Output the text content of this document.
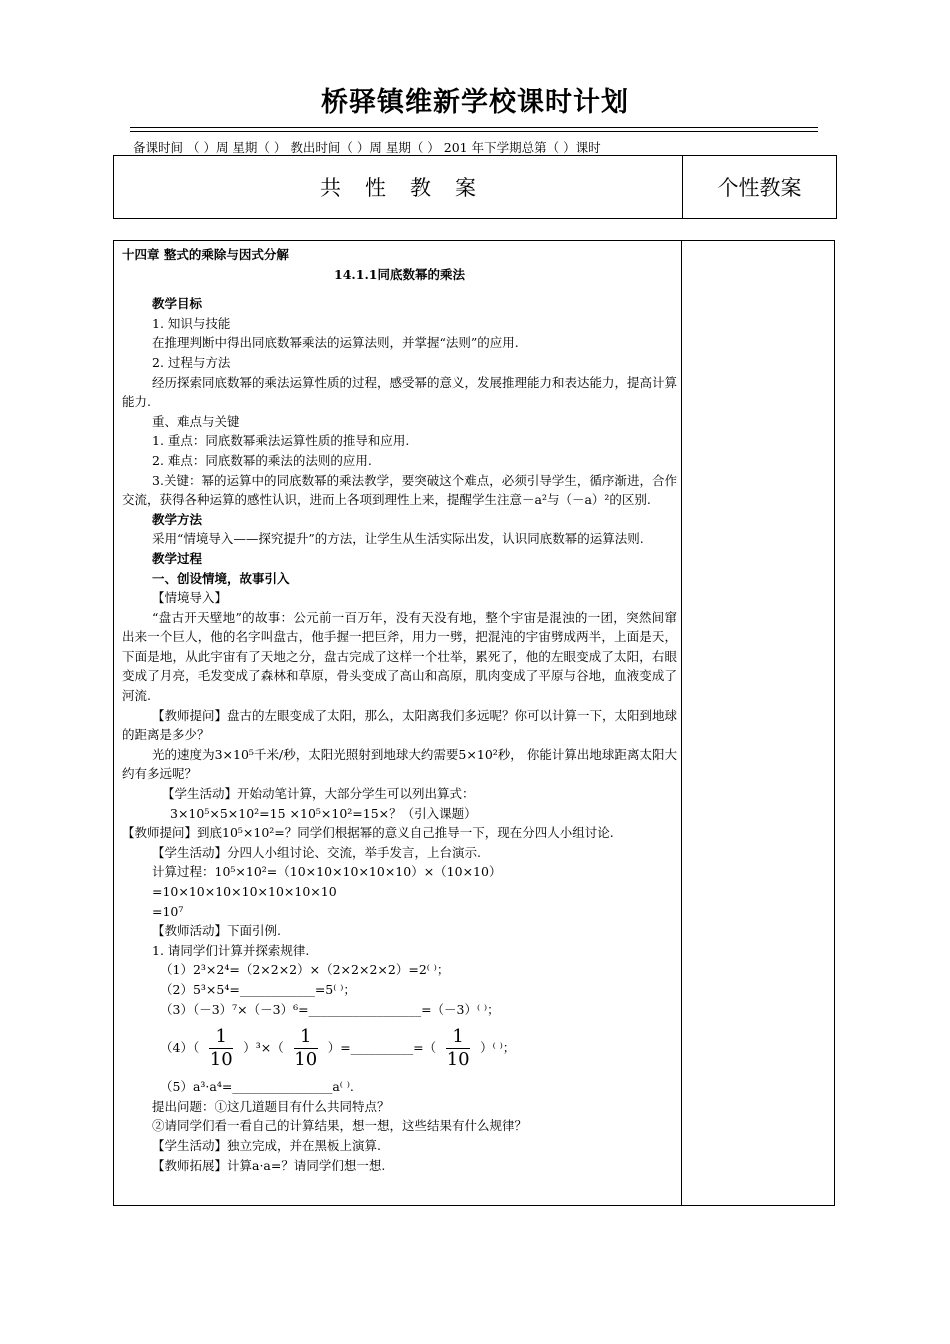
桥驿镇维新学校课时计划
备课时间 （ ）周 星期（ ） 教出时间（ ）周 星期（ ） 201 年下学期总第（ ）课时
共性教案	个性教案

十四章 整式的乘除与因式分解

14.1.1同底数幂的乘法

教学目标

1. 知识与技能

在推理判断中得出同底数幂乘法的运算法则，并掌握“法则”的应用.

2. 过程与方法

经历探索同底数幂的乘法运算性质的过程，感受幂的意义，发展推理能力和表达能力，提高计算能力.

重、难点与关键

1. 重点：同底数幂乘法运算性质的推导和应用.

2. 难点：同底数幂的乘法的法则的应用.

3.关键：幂的运算中的同底数幂的乘法教学，要突破这个难点，必须引导学生，循序渐进，合作交流，获得各种运算的感性认识，进而上各项到理性上来，提醒学生注意－a²与（－a）²的区别.

教学方法

采用“情境导入——探究提升”的方法，让学生从生活实际出发，认识同底数幂的运算法则.

教学过程

一、创设情境，故事引入

【情境导入】

“盘古开天壁地”的故事：公元前一百万年，没有天没有地，整个宇宙是混浊的一团，突然间窜出来一个巨人，他的名字叫盘古，他手握一把巨斧，用力一劈，把混沌的宇宙劈成两半，上面是天，下面是地，从此宇宙有了天地之分，盘古完成了这样一个壮举，累死了，他的左眼变成了太阳，右眼变成了月亮，毛发变成了森林和草原，骨头变成了高山和高原，肌肉变成了平原与谷地，血液变成了河流.

【教师提问】盘古的左眼变成了太阳，那么，太阳离我们多远呢？你可以计算一下，太阳到地球的距离是多少？

光的速度为3×10⁵千米/秒，太阳光照射到地球大约需要5×10²秒， 你能计算出地球距离太阳大约有多远呢？

【学生活动】开始动笔计算，大部分学生可以列出算式：

3×10⁵×5×10²=15 ×10⁵×10²=15×？（引入课题）

【教师提问】到底10⁵×10²=？同学们根据幂的意义自己推导一下，现在分四人小组讨论.

【学生活动】分四人小组讨论、交流，举手发言，上台演示.

计算过程：10⁵×10²=（10×10×10×10×10）×（10×10）

=10×10×10×10×10×10×10

=10⁷

【教师活动】下面引例.

1. 请同学们计算并探索规律.

（1）2³×2⁴=（2×2×2）×（2×2×2×2）=2⁽ ⁾；

（2）5³×5⁴=____________=5⁽ ⁾；

（3）（－3）⁷×（－3）⁶=__________________=（－3）⁽ ⁾；

$(4)( \frac{1}{10} )^3\times( \frac{1}{10}$ ）=__________=（ $\frac{1}{10}$ ）⁽ ⁾；

（5）a³·a⁴=________________a⁽ ⁾.

提出问题：①这几道题目有什么共同特点？

②请同学们看一看自己的计算结果，想一想，这些结果有什么规律？

【学生活动】独立完成，并在黑板上演算.

【教师拓展】计算a·a=？请同学们想一想.
